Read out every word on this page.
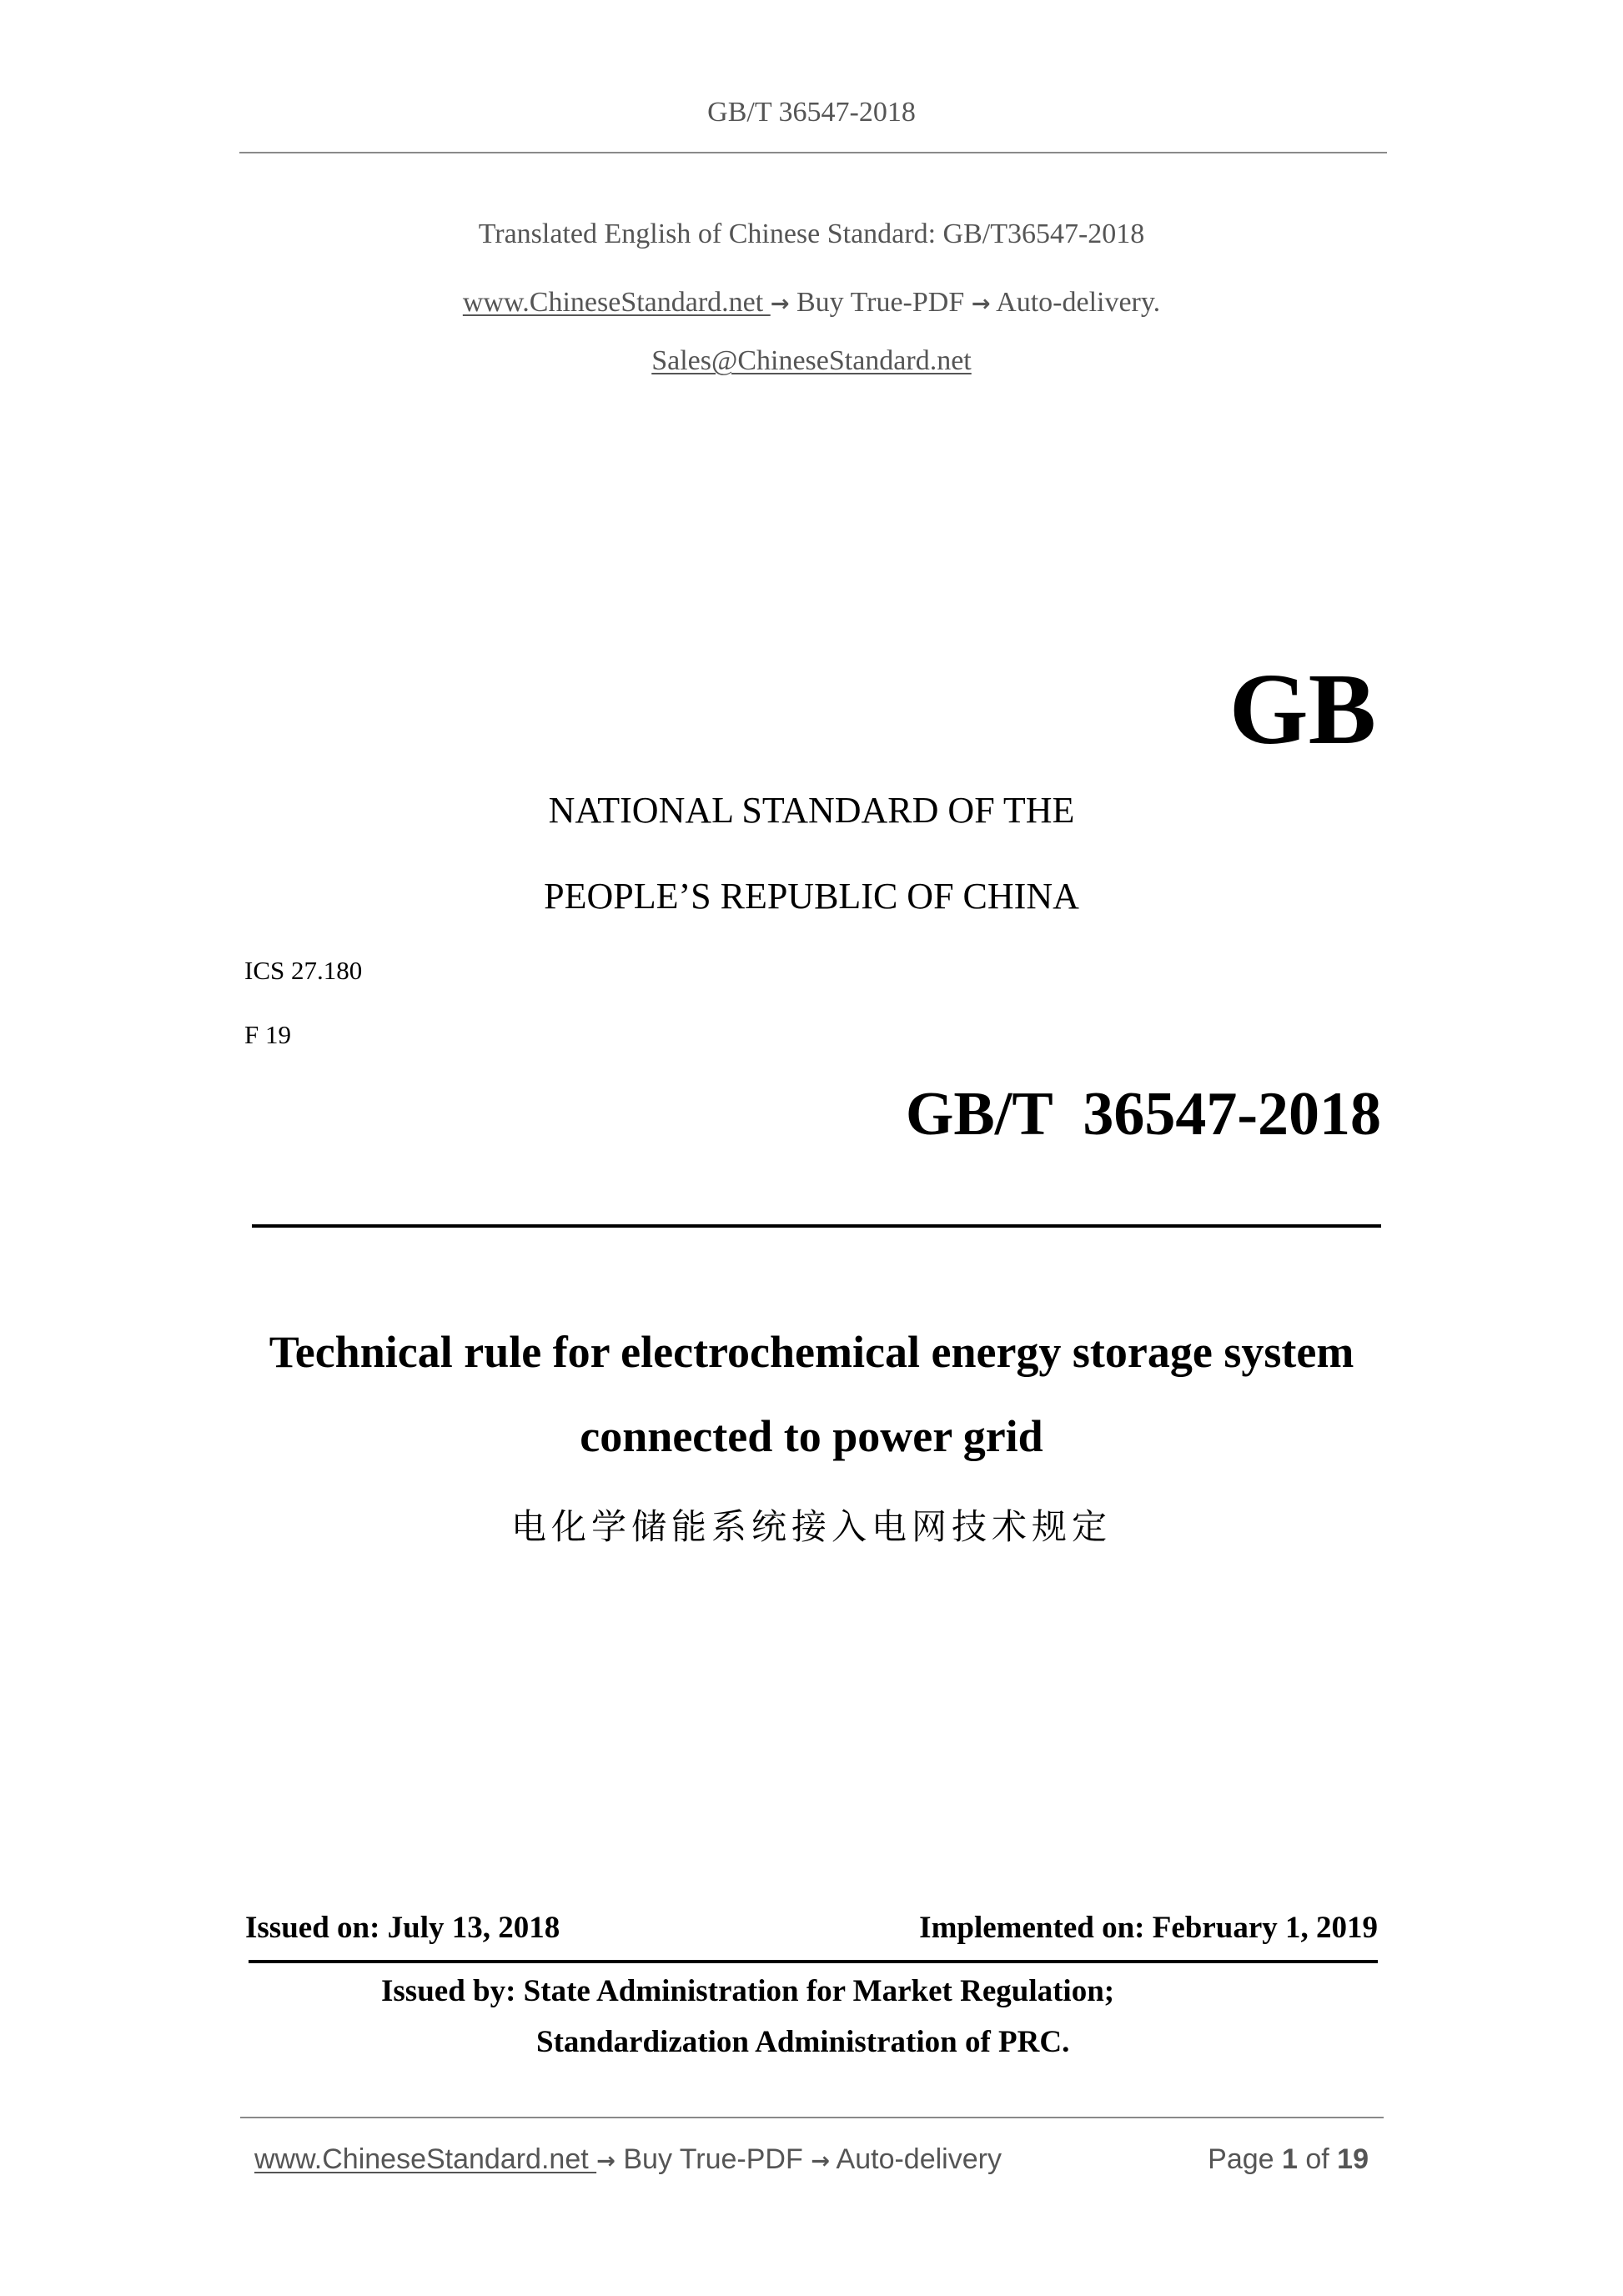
GB/T 36547-2018
Translated English of Chinese Standard: GB/T36547-2018
www.ChineseStandard.net → Buy True-PDF → Auto-delivery.
Sales@ChineseStandard.net
GB
NATIONAL STANDARD OF THE
PEOPLE’S REPUBLIC OF CHINA
ICS 27.180
F 19
GB/T  36547-2018
Technical rule for electrochemical energy storage system
connected to power grid
电化学储能系统接入电网技术规定
Issued on: July 13, 2018	Implemented on: February 1, 2019
Issued by: State Administration for Market Regulation;
Standardization Administration of PRC.
www.ChineseStandard.net → Buy True-PDF → Auto-delivery	Page 1 of 19
